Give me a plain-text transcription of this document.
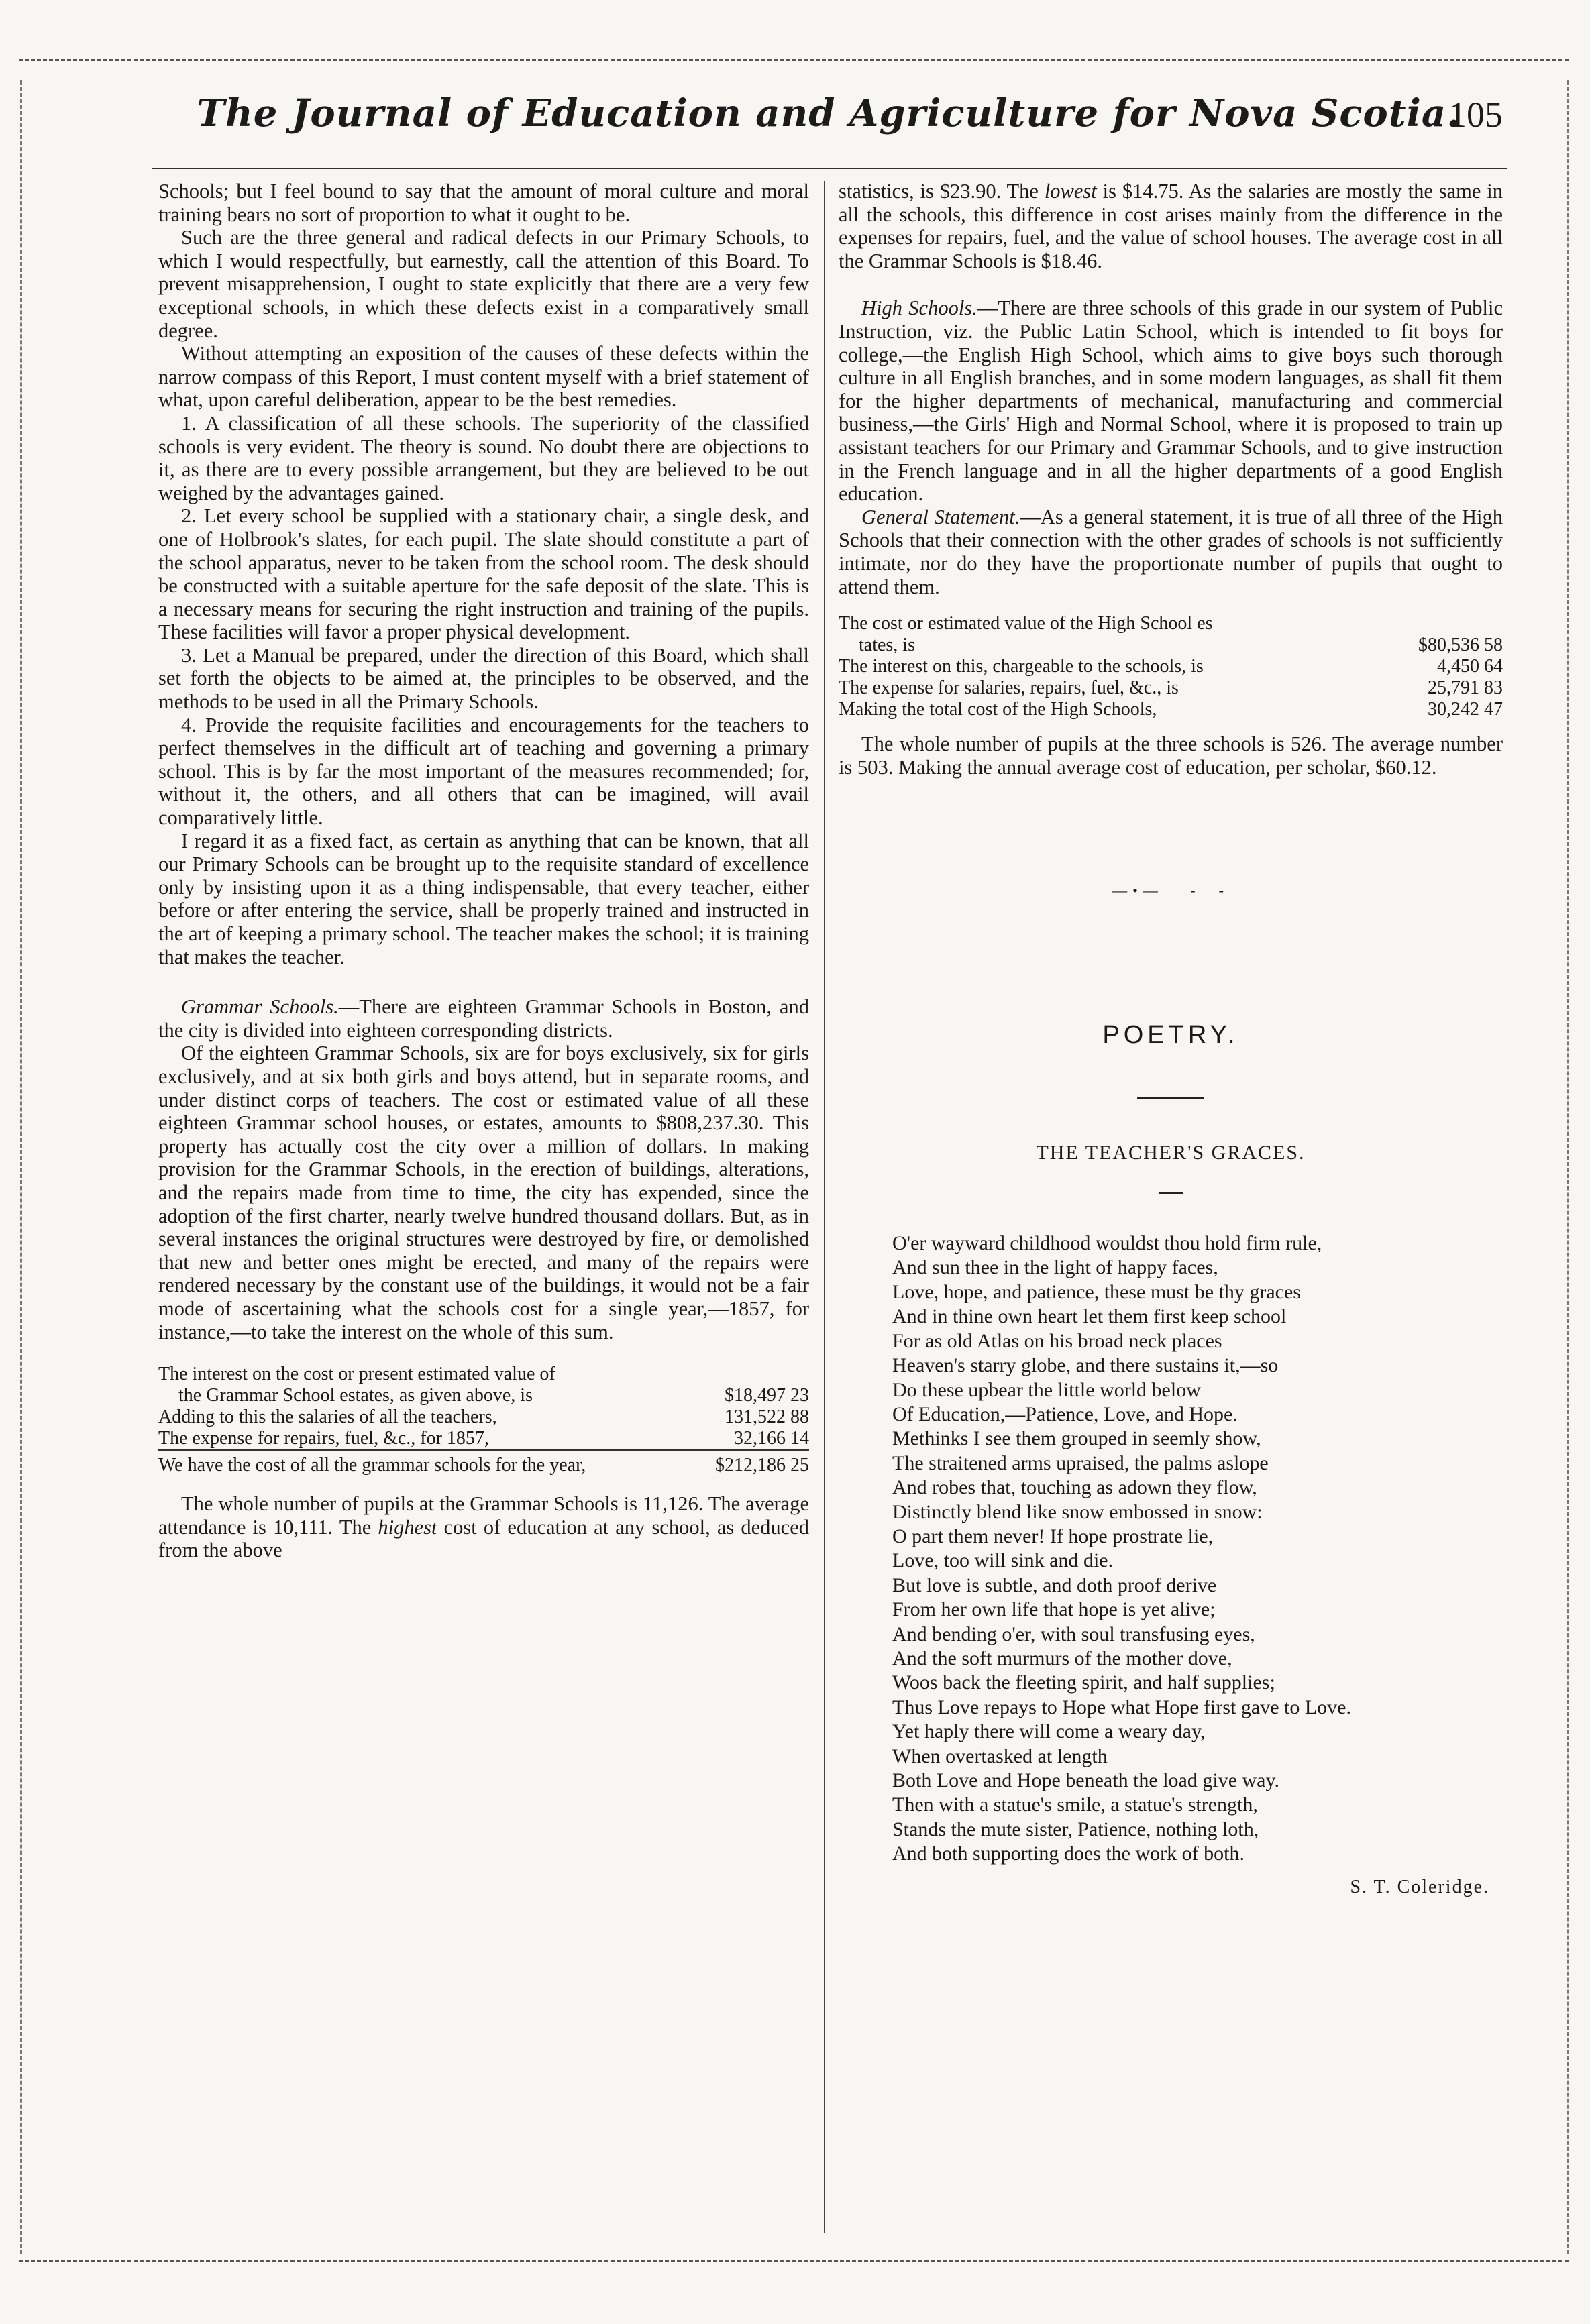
The Journal of Education and Agriculture for Nova Scotia.
105

Schools; but I feel bound to say that the amount of moral culture and moral training bears no sort of proportion to what it ought to be.

Such are the three general and radical defects in our Primary Schools, to which I would respectfully, but earnestly, call the attention of this Board. To prevent misapprehension, I ought to state explicitly that there are a very few exceptional schools, in which these defects exist in a comparatively small degree.

Without attempting an exposition of the causes of these defects within the narrow compass of this Report, I must content myself with a brief statement of what, upon careful deliberation, appear to be the best remedies.

1. A classification of all these schools. The superiority of the classified schools is very evident. The theory is sound. No doubt there are objections to it, as there are to every possible arrangement, but they are believed to be out weighed by the advantages gained.

2. Let every school be supplied with a stationary chair, a single desk, and one of Holbrook's slates, for each pupil. The slate should constitute a part of the school apparatus, never to be taken from the school room. The desk should be constructed with a suitable aperture for the safe deposit of the slate. This is a necessary means for securing the right instruction and training of the pupils. These facilities will favor a proper physical development.

3. Let a Manual be prepared, under the direction of this Board, which shall set forth the objects to be aimed at, the principles to be observed, and the methods to be used in all the Primary Schools.

4. Provide the requisite facilities and encouragements for the teachers to perfect themselves in the difficult art of teaching and governing a primary school. This is by far the most important of the measures recommended; for, without it, the others, and all others that can be imagined, will avail comparatively little.

I regard it as a fixed fact, as certain as anything that can be known, that all our Primary Schools can be brought up to the requisite standard of excellence only by insisting upon it as a thing indispensable, that every teacher, either before or after entering the service, shall be properly trained and instructed in the art of keeping a primary school. The teacher makes the school; it is training that makes the teacher.

Grammar Schools.—There are eighteen Grammar Schools in Boston, and the city is divided into eighteen corresponding districts.

Of the eighteen Grammar Schools, six are for boys exclusively, six for girls exclusively, and at six both girls and boys attend, but in separate rooms, and under distinct corps of teachers. The cost or estimated value of all these eighteen Grammar school houses, or estates, amounts to $808,237.30. This property has actually cost the city over a million of dollars. In making provision for the Grammar Schools, in the erection of buildings, alterations, and the repairs made from time to time, the city has expended, since the adoption of the first charter, nearly twelve hundred thousand dollars. But, as in several instances the original structures were destroyed by fire, or demolished that new and better ones might be erected, and many of the repairs were rendered necessary by the constant use of the buildings, it would not be a fair mode of ascertaining what the schools cost for a single year,—1857, for instance,—to take the interest on the whole of this sum.

The interest on the cost or present estimated value of	
the Grammar School estates, as given above, is	$18,497 23
Adding to this the salaries of all the teachers,	131,522 88
The expense for repairs, fuel, &c., for 1857,	32,166 14
We have the cost of all the grammar schools for the year,	$212,186 25

The whole number of pupils at the Grammar Schools is 11,126. The average attendance is 10,111. The highest cost of education at any school, as deduced from the above

statistics, is $23.90. The lowest is $14.75. As the salaries are mostly the same in all the schools, this difference in cost arises mainly from the difference in the expenses for repairs, fuel, and the value of school houses. The average cost in all the Grammar Schools is $18.46.

High Schools.—There are three schools of this grade in our system of Public Instruction, viz. the Public Latin School, which is intended to fit boys for college,—the English High School, which aims to give boys such thorough culture in all English branches, and in some modern languages, as shall fit them for the higher departments of mechanical, manufacturing and commercial business,—the Girls' High and Normal School, where it is proposed to train up assistant teachers for our Primary and Grammar Schools, and to give instruction in the French language and in all the higher departments of a good English education.

General Statement.—As a general statement, it is true of all three of the High Schools that their connection with the other grades of schools is not sufficiently intimate, nor do they have the proportionate number of pupils that ought to attend them.

The cost or estimated value of the High School es	
tates, is	$80,536 58
The interest on this, chargeable to the schools, is	4,450 64
The expense for salaries, repairs, fuel, &c., is	25,791 83
Making the total cost of the High Schools,	30,242 47

The whole number of pupils at the three schools is 526. The average number is 503. Making the annual average cost of education, per scholar, $60.12.

—•—   -  -
POETRY.
THE TEACHER'S GRACES.
O'er wayward childhood wouldst thou hold firm rule,
And sun thee in the light of happy faces,
Love, hope, and patience, these must be thy graces
And in thine own heart let them first keep school
For as old Atlas on his broad neck places
Heaven's starry globe, and there sustains it,—so
Do these upbear the little world below
Of Education,—Patience, Love, and Hope.
Methinks I see them grouped in seemly show,
The straitened arms upraised, the palms aslope
And robes that, touching as adown they flow,
Distinctly blend like snow embossed in snow:
O part them never! If hope prostrate lie,
Love, too will sink and die.
But love is subtle, and doth proof derive
From her own life that hope is yet alive;
And bending o'er, with soul transfusing eyes,
And the soft murmurs of the mother dove,
Woos back the fleeting spirit, and half supplies;
Thus Love repays to Hope what Hope first gave to Love.
Yet haply there will come a weary day,
When overtasked at length
Both Love and Hope beneath the load give way.
Then with a statue's smile, a statue's strength,
Stands the mute sister, Patience, nothing loth,
And both supporting does the work of both.
S. T. Coleridge.
